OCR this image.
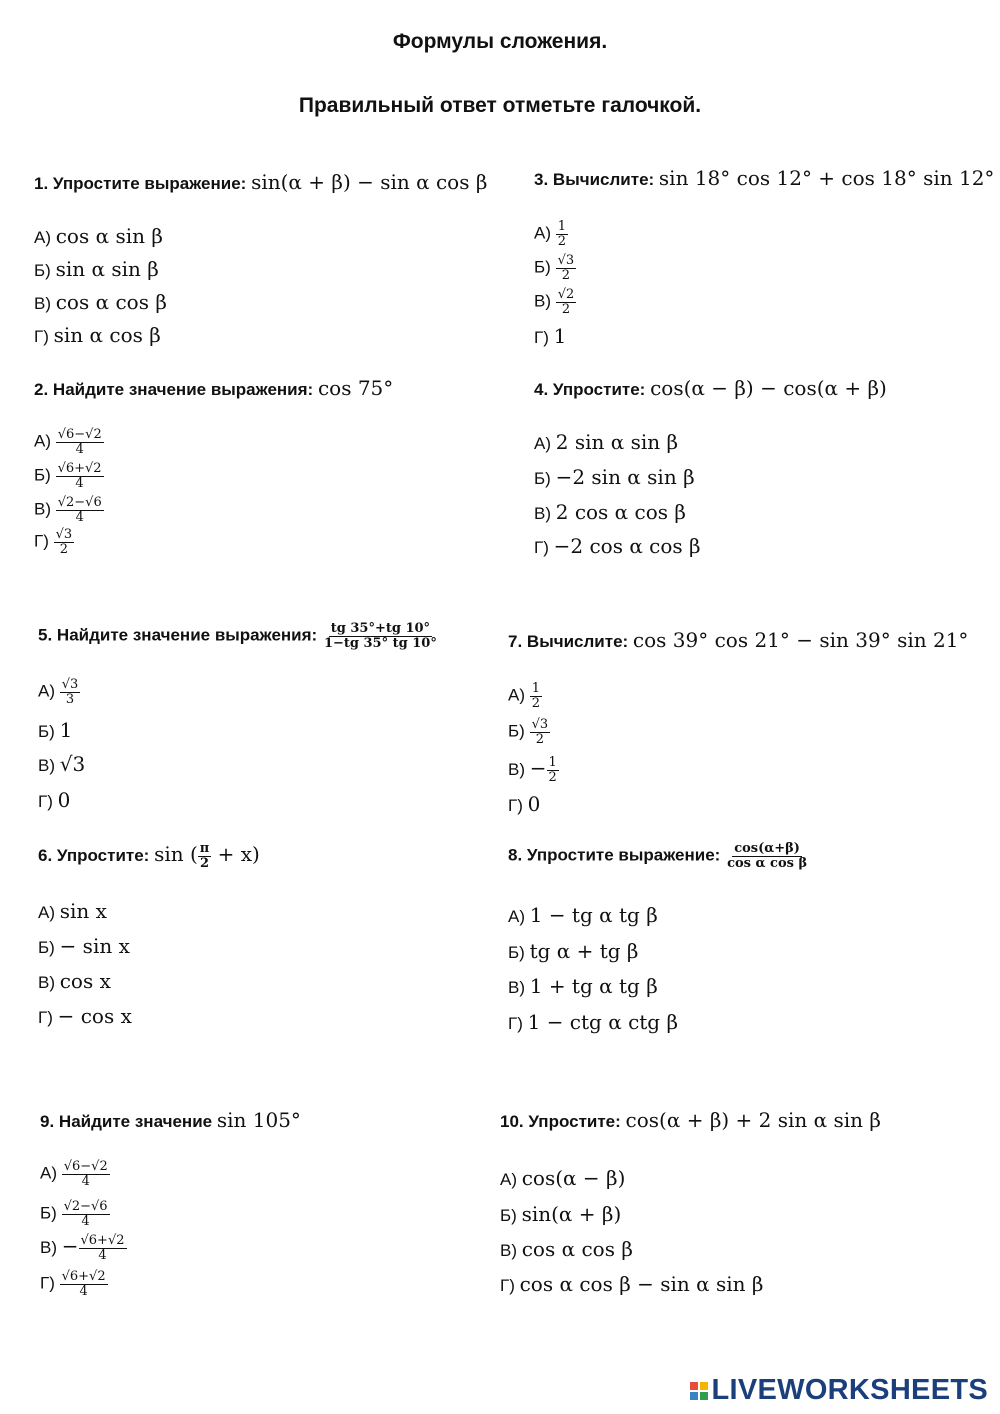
Формулы сложения.
Правильный ответ отметьте галочкой.
1. Упростите выражение: sin(α + β) − sin α cos β
А) cos α sin β
Б) sin α sin β
В) cos α cos β
Г) sin α cos β
3. Вычислите: sin 18° cos 12° + cos 18° sin 12°
$А) \frac{1}{2}$
$Б) \frac{√3}{2}$
$В) \frac{√2}{2}$
Г) 1
2. Найдите значение выражения: cos 75°
$А) \frac{√6-√2}{4}$
$Б) \frac{√6+√2}{4}$
$В) \frac{√2-√6}{4}$
$Г) \frac{√3}{2}$
4. Упростите: cos(α − β) − cos(α + β)
А) 2 sin α sin β
Б) −2 sin α sin β
В) 2 cos α cos β
Г) −2 cos α cos β
5. Найдите значение выражения: $\frac{tg 35^\circ+tg 10^\circ}{1-tg 35^\circ tg 10^\circ}$
$А) \frac{√3}{3}$
Б) 1
В) √3
Г) 0
7. Вычислите: cos 39° cos 21° − sin 39° sin 21°
$А) \frac{1}{2}$
$Б) \frac{√3}{2}$
$В) - \frac{1}{2}$
Г) 0
6. Упростите: sin ( $\frac{\pi}{2} + x$)
А) sin x
Б) − sin x
В) cos x
Г) − cos x
8. Упростите выражение: $\frac{\cos(\alpha+\beta)}{\text{cos α cos β}}$
А) 1 − tg α tg β
Б) tg α + tg β
В) 1 + tg α tg β
Г) 1 − ctg α ctg β
9. Найдите значение sin 105°
$А) \frac{√6-√2}{4}$
$Б) \frac{√2-√6}{4}$
$В) - \frac{√6+√2}{4}$
$Г) \frac{√6+√2}{4}$
10. Упростите: cos(α + β) + 2 sin α sin β
А) cos(α − β)
Б) sin(α + β)
В) cos α cos β
Г) cos α cos β − sin α sin β
LIVEWORKSHEETS
